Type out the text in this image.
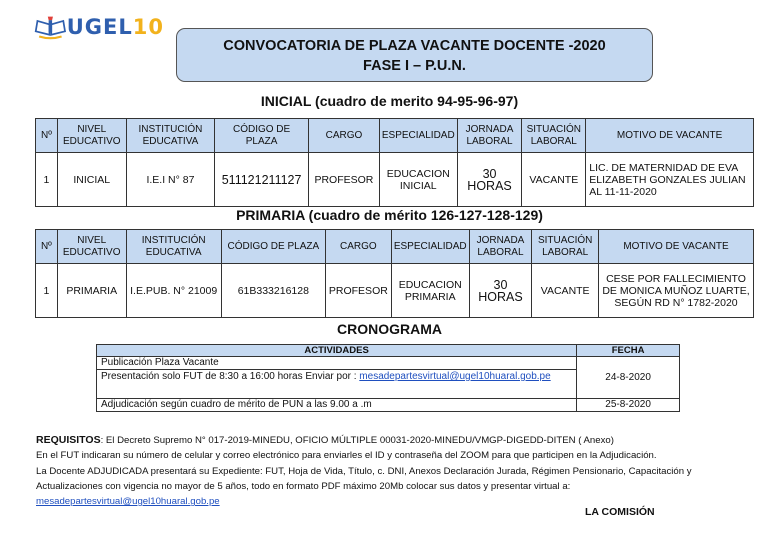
UGEL10
CONVOCATORIA DE PLAZA VACANTE DOCENTE -2020
FASE I – P.U.N.
INICIAL (cuadro de merito 94-95-96-97)
Nº	NIVEL EDUCATIVO	INSTITUCIÓN EDUCATIVA	CÓDIGO DE PLAZA	CARGO	ESPECIALIDAD	JORNADA LABORAL	SITUACIÓN LABORAL	MOTIVO DE VACANTE
1	INICIAL	I.E.I N° 87	511121211127	PROFESOR	EDUCACION INICIAL	30 HORAS	VACANTE	LIC. DE MATERNIDAD DE EVA ELIZABETH GONZALES JULIAN AL 11-11-2020
PRIMARIA (cuadro de mérito 126-127-128-129)
Nº	NIVEL EDUCATIVO	INSTITUCIÓN EDUCATIVA	CÓDIGO DE PLAZA	CARGO	ESPECIALIDAD	JORNADA LABORAL	SITUACIÓN LABORAL	MOTIVO DE VACANTE
1	PRIMARIA	I.E.PUB. N° 21009	61B333216128	PROFESOR	EDUCACION PRIMARIA	30 HORAS	VACANTE	CESE POR FALLECIMIENTO DE MONICA MUÑOZ LUARTE, SEGÚN RD N° 1782-2020
CRONOGRAMA
ACTIVIDADES	FECHA
Publicación Plaza Vacante	24-8-2020
Presentación solo FUT de 8:30 a 16:00 horas Enviar por : mesadepartesvirtual@ugel10huaral.gob.pe	
Adjudicación según cuadro de mérito de PUN a las 9.00 a .m	25-8-2020
REQUISITOS: El Decreto Supremo N° 017-2019-MINEDU, OFICIO MÚLTIPLE 00031-2020-MINEDU/VMGP-DIGEDD-DITEN ( Anexo)
En el FUT indicaran su número de celular y correo electrónico para enviarles el ID y contraseña del ZOOM para que participen en la Adjudicación.
La Docente ADJUDICADA presentará su Expediente: FUT, Hoja de Vida, Título, c. DNI, Anexos Declaración Jurada, Régimen Pensionario, Capacitación y
Actualizaciones con vigencia no mayor de 5 años, todo en formato PDF máximo 20Mb colocar sus datos y presentar virtual a:
mesadepartesvirtual@ugel10huaral.gob.pe
LA COMISIÓN
